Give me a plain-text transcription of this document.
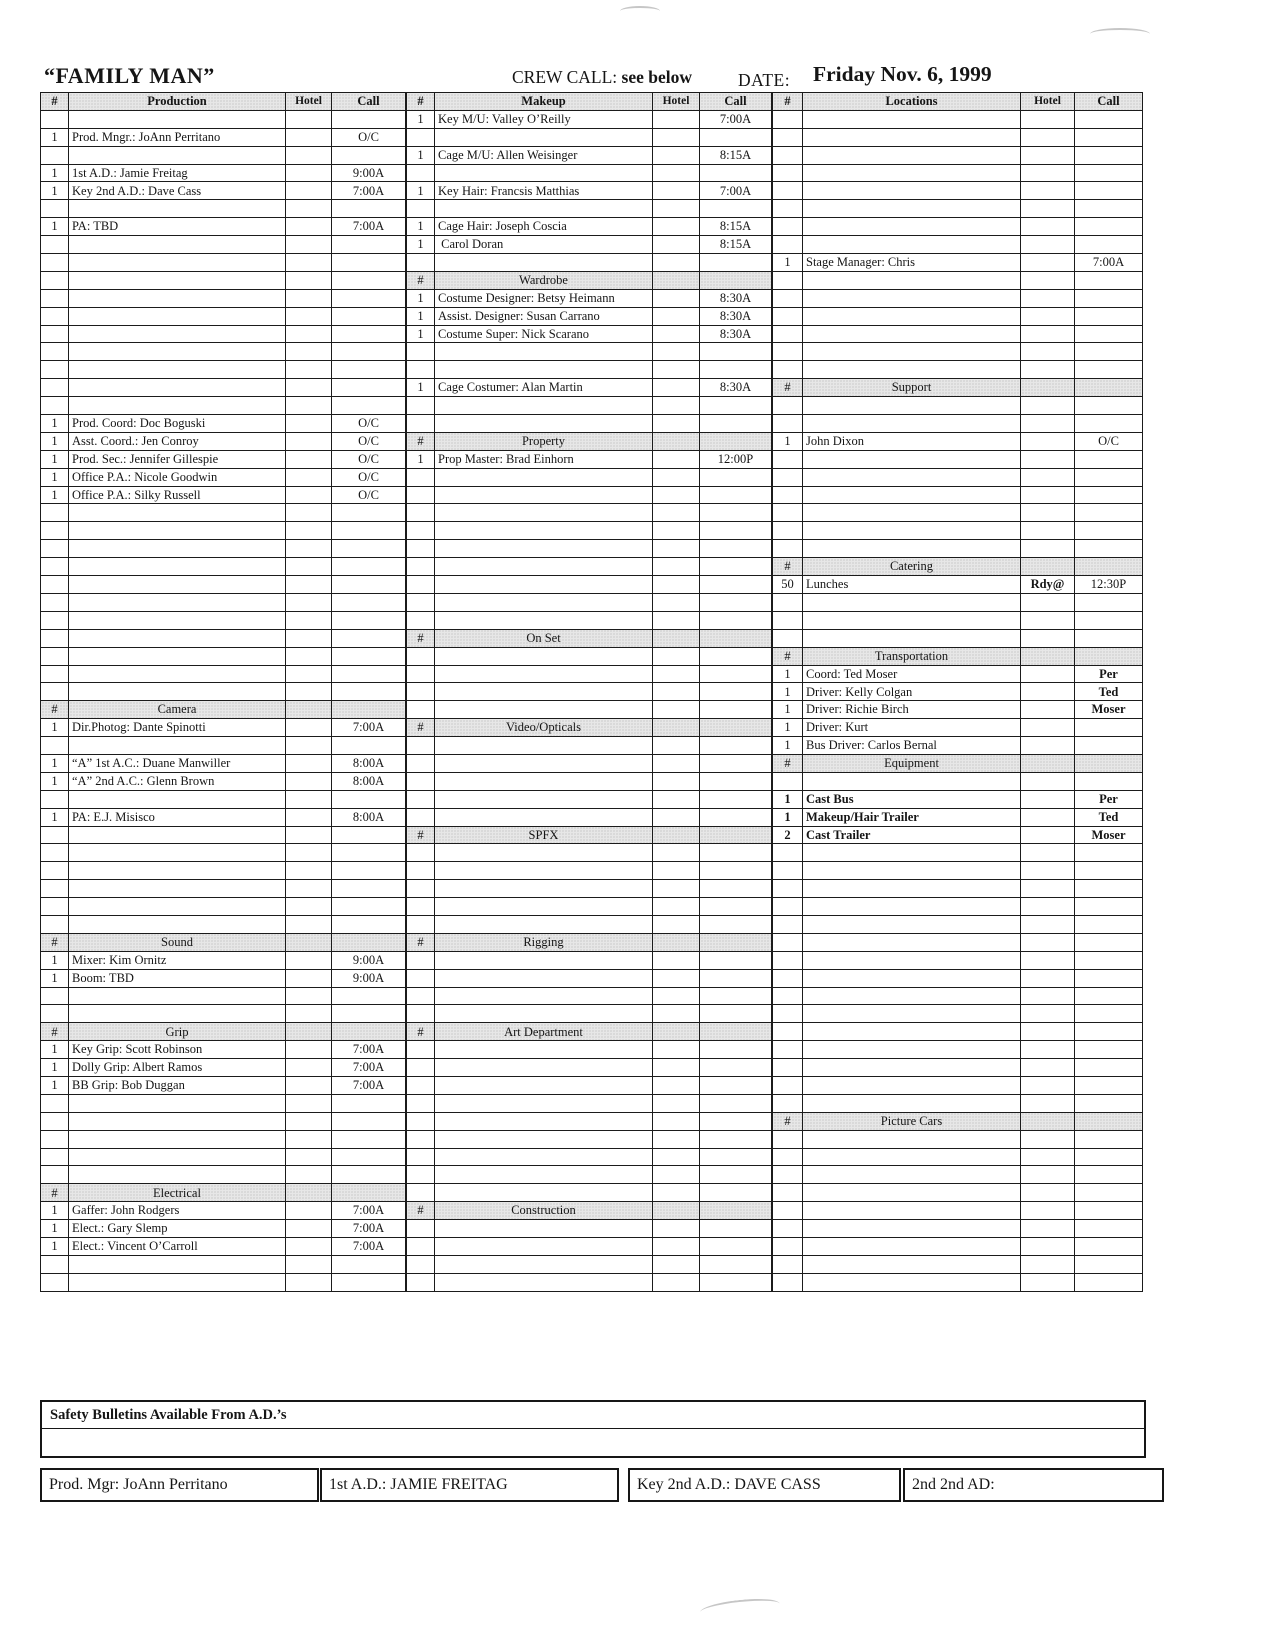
“FAMILY MAN”	CREW CALL: see below	DATE: Friday Nov. 6, 1999
#	Production	Hotel	Call

1	Prod. Mngr.: JoAnn Perritano		O/C

1	1st A.D.: Jamie Freitag		9:00A
1	Key 2nd A.D.: Dave Cass		7:00A

1	PA: TBD		7:00A

1	Prod. Coord: Doc Boguski		O/C
1	Asst. Coord.: Jen Conroy		O/C
1	Prod. Sec.: Jennifer Gillespie		O/C
1	Office P.A.: Nicole Goodwin		O/C
1	Office P.A.: Silky Russell		O/C

#	Camera		
1	Dir.Photog: Dante Spinotti		7:00A

1	“A” 1st A.C.: Duane Manwiller		8:00A
1	“A” 2nd A.C.: Glenn Brown		8:00A

1	PA: E.J. Misisco		8:00A

#	Sound		
1	Mixer: Kim Ornitz		9:00A
1	Boom: TBD		9:00A

#	Grip		
1	Key Grip: Scott Robinson		7:00A
1	Dolly Grip: Albert Ramos		7:00A
1	BB Grip: Bob Duggan		7:00A

#	Electrical		
1	Gaffer: John Rodgers		7:00A
1	Elect.: Gary Slemp		7:00A
1	Elect.: Vincent O’Carroll		7:00A

#	Makeup	Hotel	Call
1	Key M/U: Valley O’Reilly		7:00A

1	Cage M/U: Allen Weisinger		8:15A

1	Key Hair: Francsis Matthias		7:00A

1	Cage Hair: Joseph Coscia		8:15A
1	Carol Doran		8:15A

#	Wardrobe		
1	Costume Designer: Betsy Heimann		8:30A
1	Assist. Designer: Susan Carrano		8:30A
1	Costume Super: Nick Scarano		8:30A

1	Cage Costumer: Alan Martin		8:30A

#	Property		
1	Prop Master: Brad Einhorn		12:00P

#	On Set		

#	Video/Opticals		

#	SPFX		

#	Rigging		

#	Art Department		

#	Construction		

#	Locations	Hotel	Call

1	Stage Manager: Chris		7:00A

#	Support		

1	John Dixon		O/C

#	Catering		
50	Lunches	Rdy@	12:30P

#	Transportation		
1	Coord: Ted Moser		Per
1	Driver: Kelly Colgan		Ted
1	Driver: Richie Birch		Moser
1	Driver: Kurt		
1	Bus Driver: Carlos Bernal		
#	Equipment		

1	Cast Bus		Per
1	Makeup/Hair Trailer		Ted
2	Cast Trailer		Moser

#	Picture Cars		

Safety Bulletins Available From A.D.’s
Prod. Mgr: JoAnn Perritano	1st A.D.: JAMIE FREITAG	Key 2nd A.D.: DAVE CASS	2nd 2nd AD:
